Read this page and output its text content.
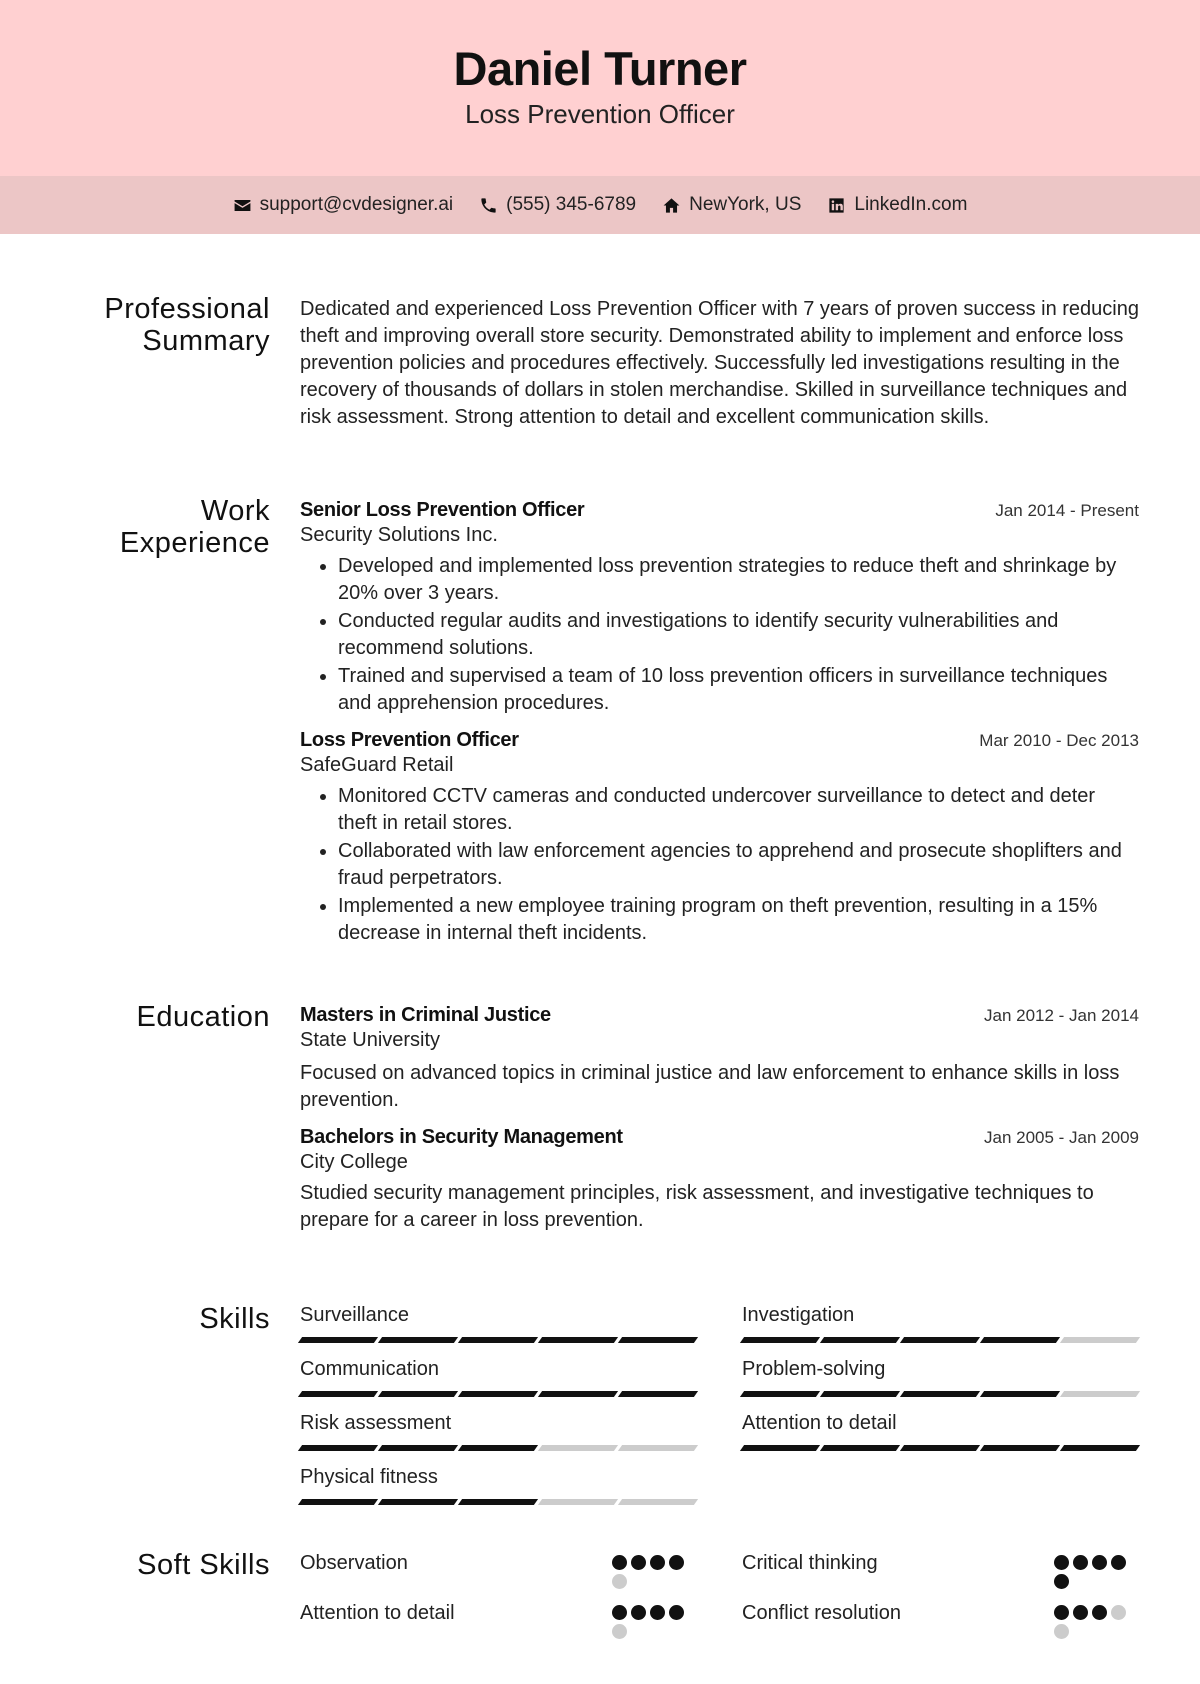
Daniel Turner
Loss Prevention Officer
support@cvdesigner.ai	(555) 345-6789	NewYork, US	LinkedIn.com
Professional
Summary

Dedicated and experienced Loss Prevention Officer with 7 years of proven success in reducing theft and improving overall store security. Demonstrated ability to implement and enforce loss prevention policies and procedures effectively. Successfully led investigations resulting in the recovery of thousands of dollars in stolen merchandise. Skilled in surveillance techniques and risk assessment. Strong attention to detail and excellent communication skills.

Work
Experience
Senior Loss Prevention Officer	Jan 2014 - Present
Security Solutions Inc.
• Developed and implemented loss prevention strategies to reduce theft and shrinkage by 20% over 3 years.
• Conducted regular audits and investigations to identify security vulnerabilities and recommend solutions.
• Trained and supervised a team of 10 loss prevention officers in surveillance techniques and apprehension procedures.
Loss Prevention Officer	Mar 2010 - Dec 2013
SafeGuard Retail
• Monitored CCTV cameras and conducted undercover surveillance to detect and deter theft in retail stores.
• Collaborated with law enforcement agencies to apprehend and prosecute shoplifters and fraud perpetrators.
• Implemented a new employee training program on theft prevention, resulting in a 15% decrease in internal theft incidents.
Education Masters in Criminal Justice	Jan 2012 - Jan 2014
State University

Focused on advanced topics in criminal justice and law enforcement to enhance skills in loss prevention.

Bachelors in Security Management	Jan 2005 - Jan 2009
City College

Studied security management principles, risk assessment, and investigative techniques to prepare for a career in loss prevention.

Skills Surveillance	Investigation
Communication	Problem-solving
Risk assessment	Attention to detail
Physical fitness
Soft Skills Observation	Critical thinking
Attention to detail	Conflict resolution
